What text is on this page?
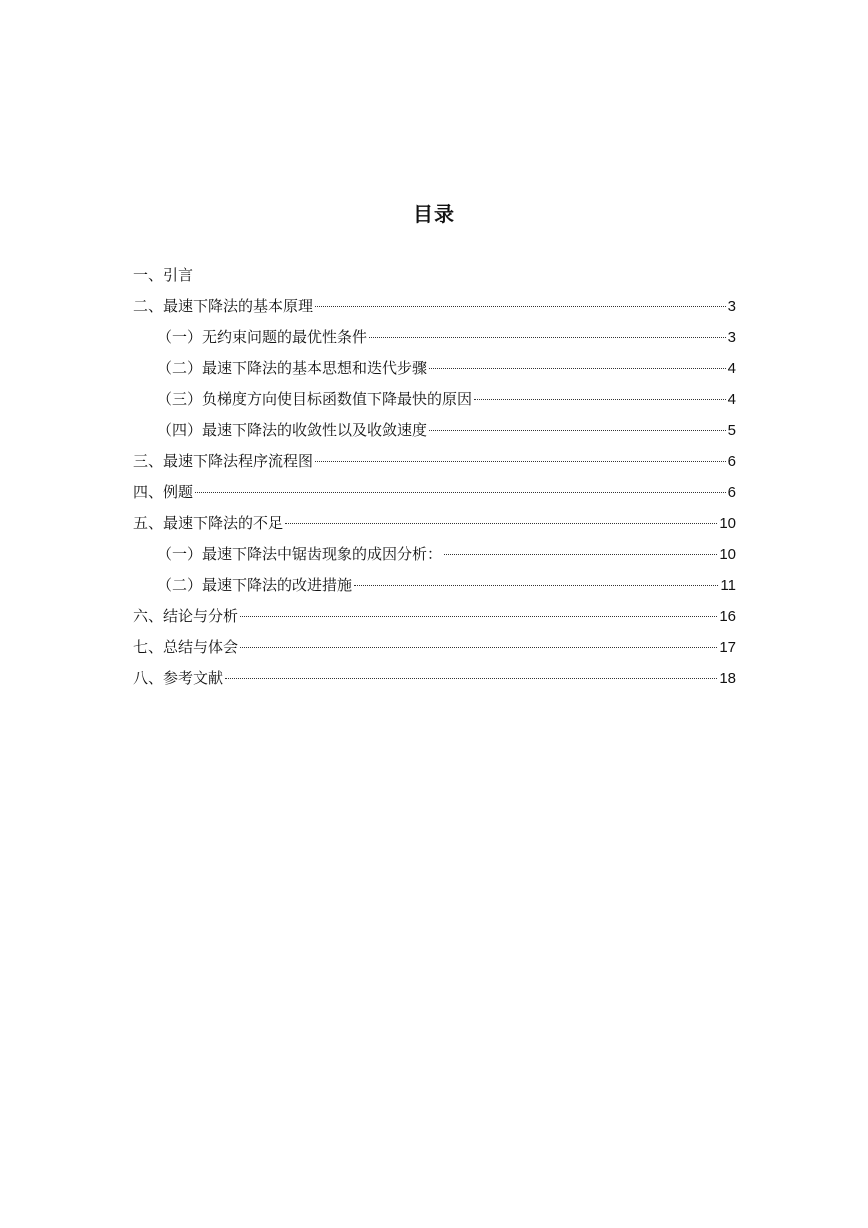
目录
一、引言
二、最速下降法的基本原理	3
（一）无约束问题的最优性条件	3
（二）最速下降法的基本思想和迭代步骤	4
（三）负梯度方向使目标函数值下降最快的原因	4
（四）最速下降法的收敛性以及收敛速度	5
三、最速下降法程序流程图	6
四、例题	6
五、最速下降法的不足	10
（一）最速下降法中锯齿现象的成因分析：	10
（二）最速下降法的改进措施	11
六、结论与分析	16
七、总结与体会	17
八、参考文献	18
